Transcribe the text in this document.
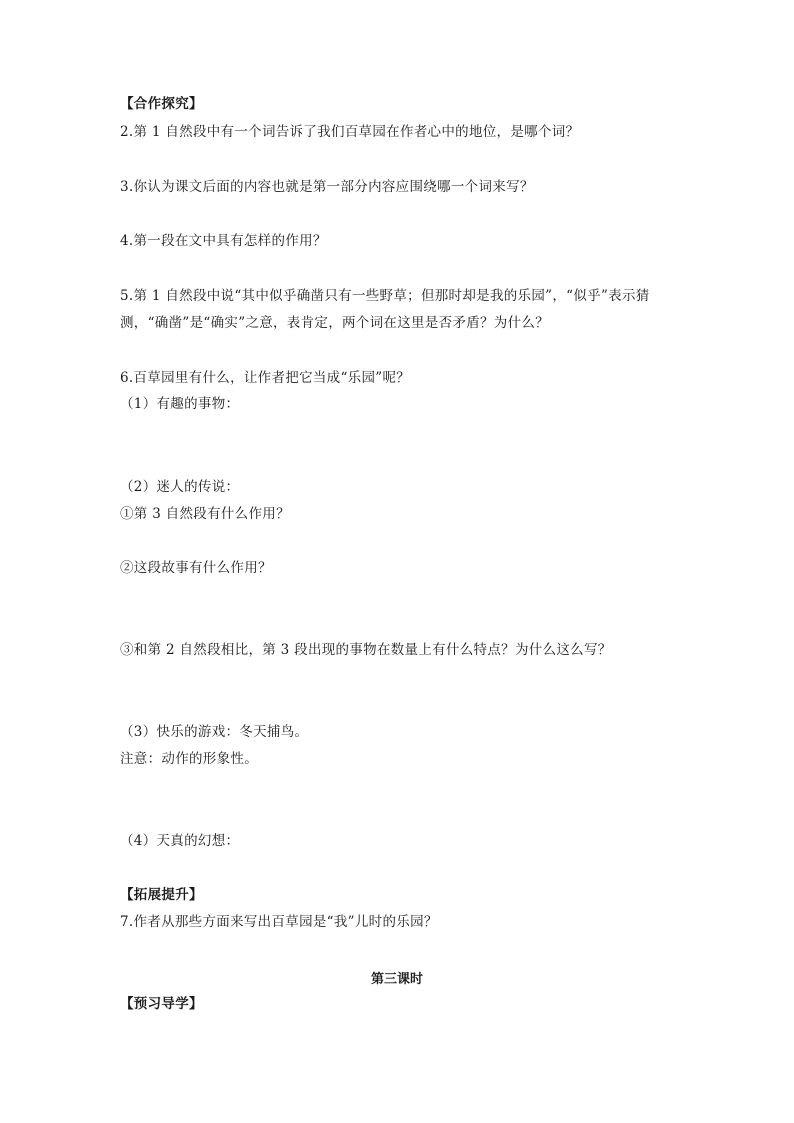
【合作探究】
2.第 1 自然段中有一个词告诉了我们百草园在作者心中的地位，是哪个词？
3.你认为课文后面的内容也就是第一部分内容应围绕哪一个词来写？
4.第一段在文中具有怎样的作用？
5.第 1 自然段中说“其中似乎确凿只有一些野草；但那时却是我的乐园”，“似乎”表示猜
测，“确凿”是“确实”之意，表肯定，两个词在这里是否矛盾？为什么？
6.百草园里有什么，让作者把它当成“乐园”呢？
（1）有趣的事物：
（2）迷人的传说：
①第 3 自然段有什么作用？
②这段故事有什么作用？
③和第 2 自然段相比，第 3 段出现的事物在数量上有什么特点？为什么这么写？
（3）快乐的游戏：冬天捕鸟。
注意：动作的形象性。
（4）天真的幻想：
【拓展提升】
7.作者从那些方面来写出百草园是“我”儿时的乐园？
第三课时
【预习导学】
